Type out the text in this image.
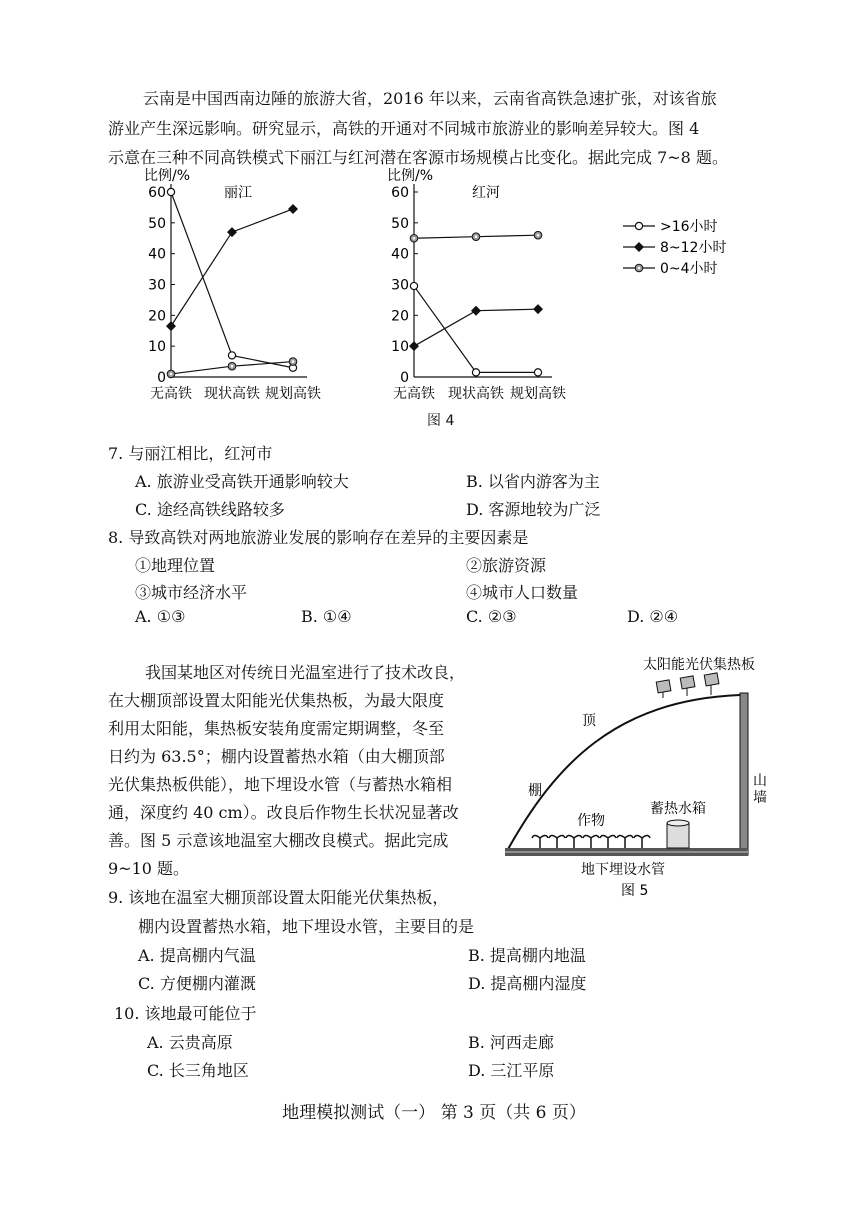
云南是中国西南边陲的旅游大省，2016 年以来，云南省高铁急速扩张，对该省旅
游业产生深远影响。研究显示，高铁的开通对不同城市旅游业的影响差异较大。图 4
示意在三种不同高铁模式下丽江与红河潜在客源市场规模占比变化。据此完成 7~8 题。
0
10
20
30
40
50
60
比例/%
丽江
无高铁 现状高铁 规划高铁
0
10
20
30
40
50
60
比例/%
红河
无高铁 现状高铁 规划高铁
>16小时
8~12小时
0~4小时
图 4
7. 与丽江相比，红河市
A. 旅游业受高铁开通影响较大	B. 以省内游客为主
C. 途经高铁线路较多	D. 客源地较为广泛
8. 导致高铁对两地旅游业发展的影响存在差异的主要因素是
①地理位置	②旅游资源
③城市经济水平	④城市人口数量
A. ①③	B. ①④	C. ②③	D. ②④
我国某地区对传统日光温室进行了技术改良，
在大棚顶部设置太阳能光伏集热板，为最大限度
利用太阳能，集热板安装角度需定期调整，冬至
日约为 63.5°；棚内设置蓄热水箱（由大棚顶部
光伏集热板供能），地下埋设水管（与蓄热水箱相
通，深度约 40 cm）。改良后作物生长状况显著改
善。图 5 示意该地温室大棚改良模式。据此完成
9~10 题。
太阳能光伏集热板
顶
棚
山
墙
作物
蓄热水箱
地下埋设水管
图 5
9. 该地在温室大棚顶部设置太阳能光伏集热板，
棚内设置蓄热水箱，地下埋设水管，主要目的是
A. 提高棚内气温	B. 提高棚内地温
C. 方便棚内灌溉	D. 提高棚内湿度
10. 该地最可能位于
A. 云贵高原	B. 河西走廊
C. 长三角地区	D. 三江平原
地理模拟测试（一） 第 3 页（共 6 页）
